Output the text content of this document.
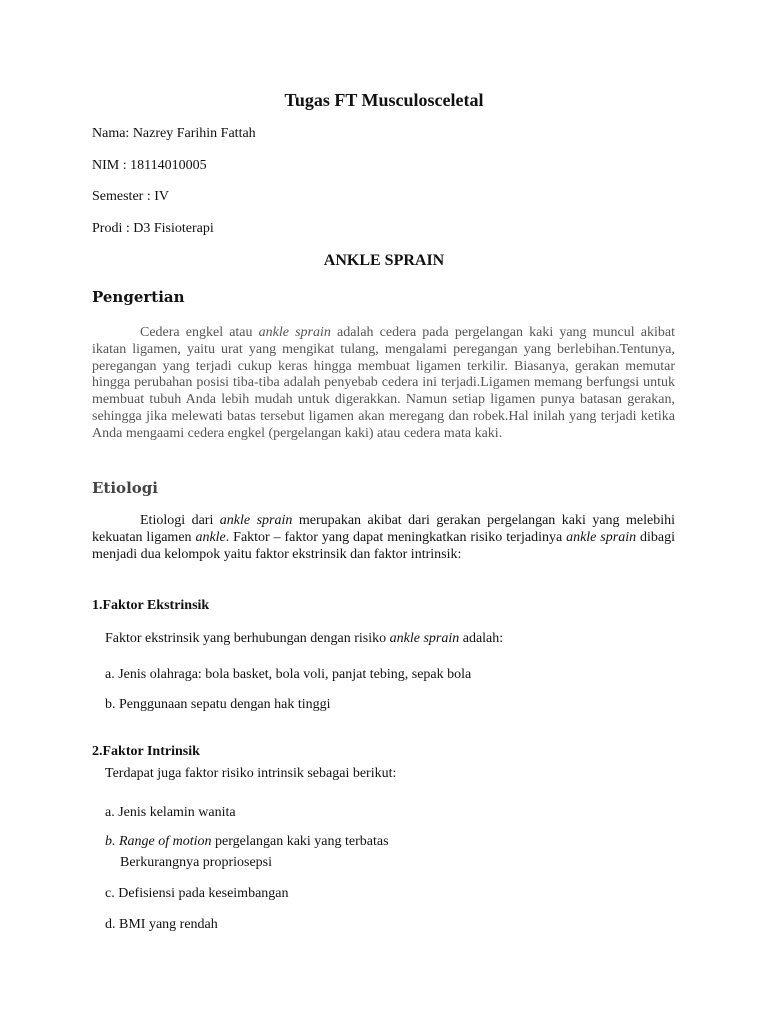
Tugas FT Musculosceletal
Nama: Nazrey Farihin Fattah
NIM : 18114010005
Semester : IV
Prodi : D3 Fisioterapi
ANKLE SPRAIN
Pengertian
Cedera engkel atau ankle sprain adalah cedera pada pergelangan kaki yang muncul akibat ikatan ligamen, yaitu urat yang mengikat tulang, mengalami peregangan yang berlebihan.Tentunya, peregangan yang terjadi cukup keras hingga membuat ligamen terkilir. Biasanya, gerakan memutar hingga perubahan posisi tiba-tiba adalah penyebab cedera ini terjadi.Ligamen memang berfungsi untuk membuat tubuh Anda lebih mudah untuk digerakkan. Namun setiap ligamen punya batasan gerakan, sehingga jika melewati batas tersebut ligamen akan meregang dan robek.Hal inilah yang terjadi ketika Anda mengaami cedera engkel (pergelangan kaki) atau cedera mata kaki.
Etiologi
Etiologi dari ankle sprain merupakan akibat dari gerakan pergelangan kaki yang melebihi kekuatan ligamen ankle. Faktor – faktor yang dapat meningkatkan risiko terjadinya ankle sprain dibagi menjadi dua kelompok yaitu faktor ekstrinsik dan faktor intrinsik:
1.Faktor Ekstrinsik
Faktor ekstrinsik yang berhubungan dengan risiko ankle sprain adalah:
a. Jenis olahraga: bola basket, bola voli, panjat tebing, sepak bola
b. Penggunaan sepatu dengan hak tinggi
2.Faktor Intrinsik
Terdapat juga faktor risiko intrinsik sebagai berikut:
a. Jenis kelamin wanita
b. Range of motion pergelangan kaki yang terbatas
Berkurangnya propriosepsi
c. Defisiensi pada keseimbangan
d. BMI yang rendah
